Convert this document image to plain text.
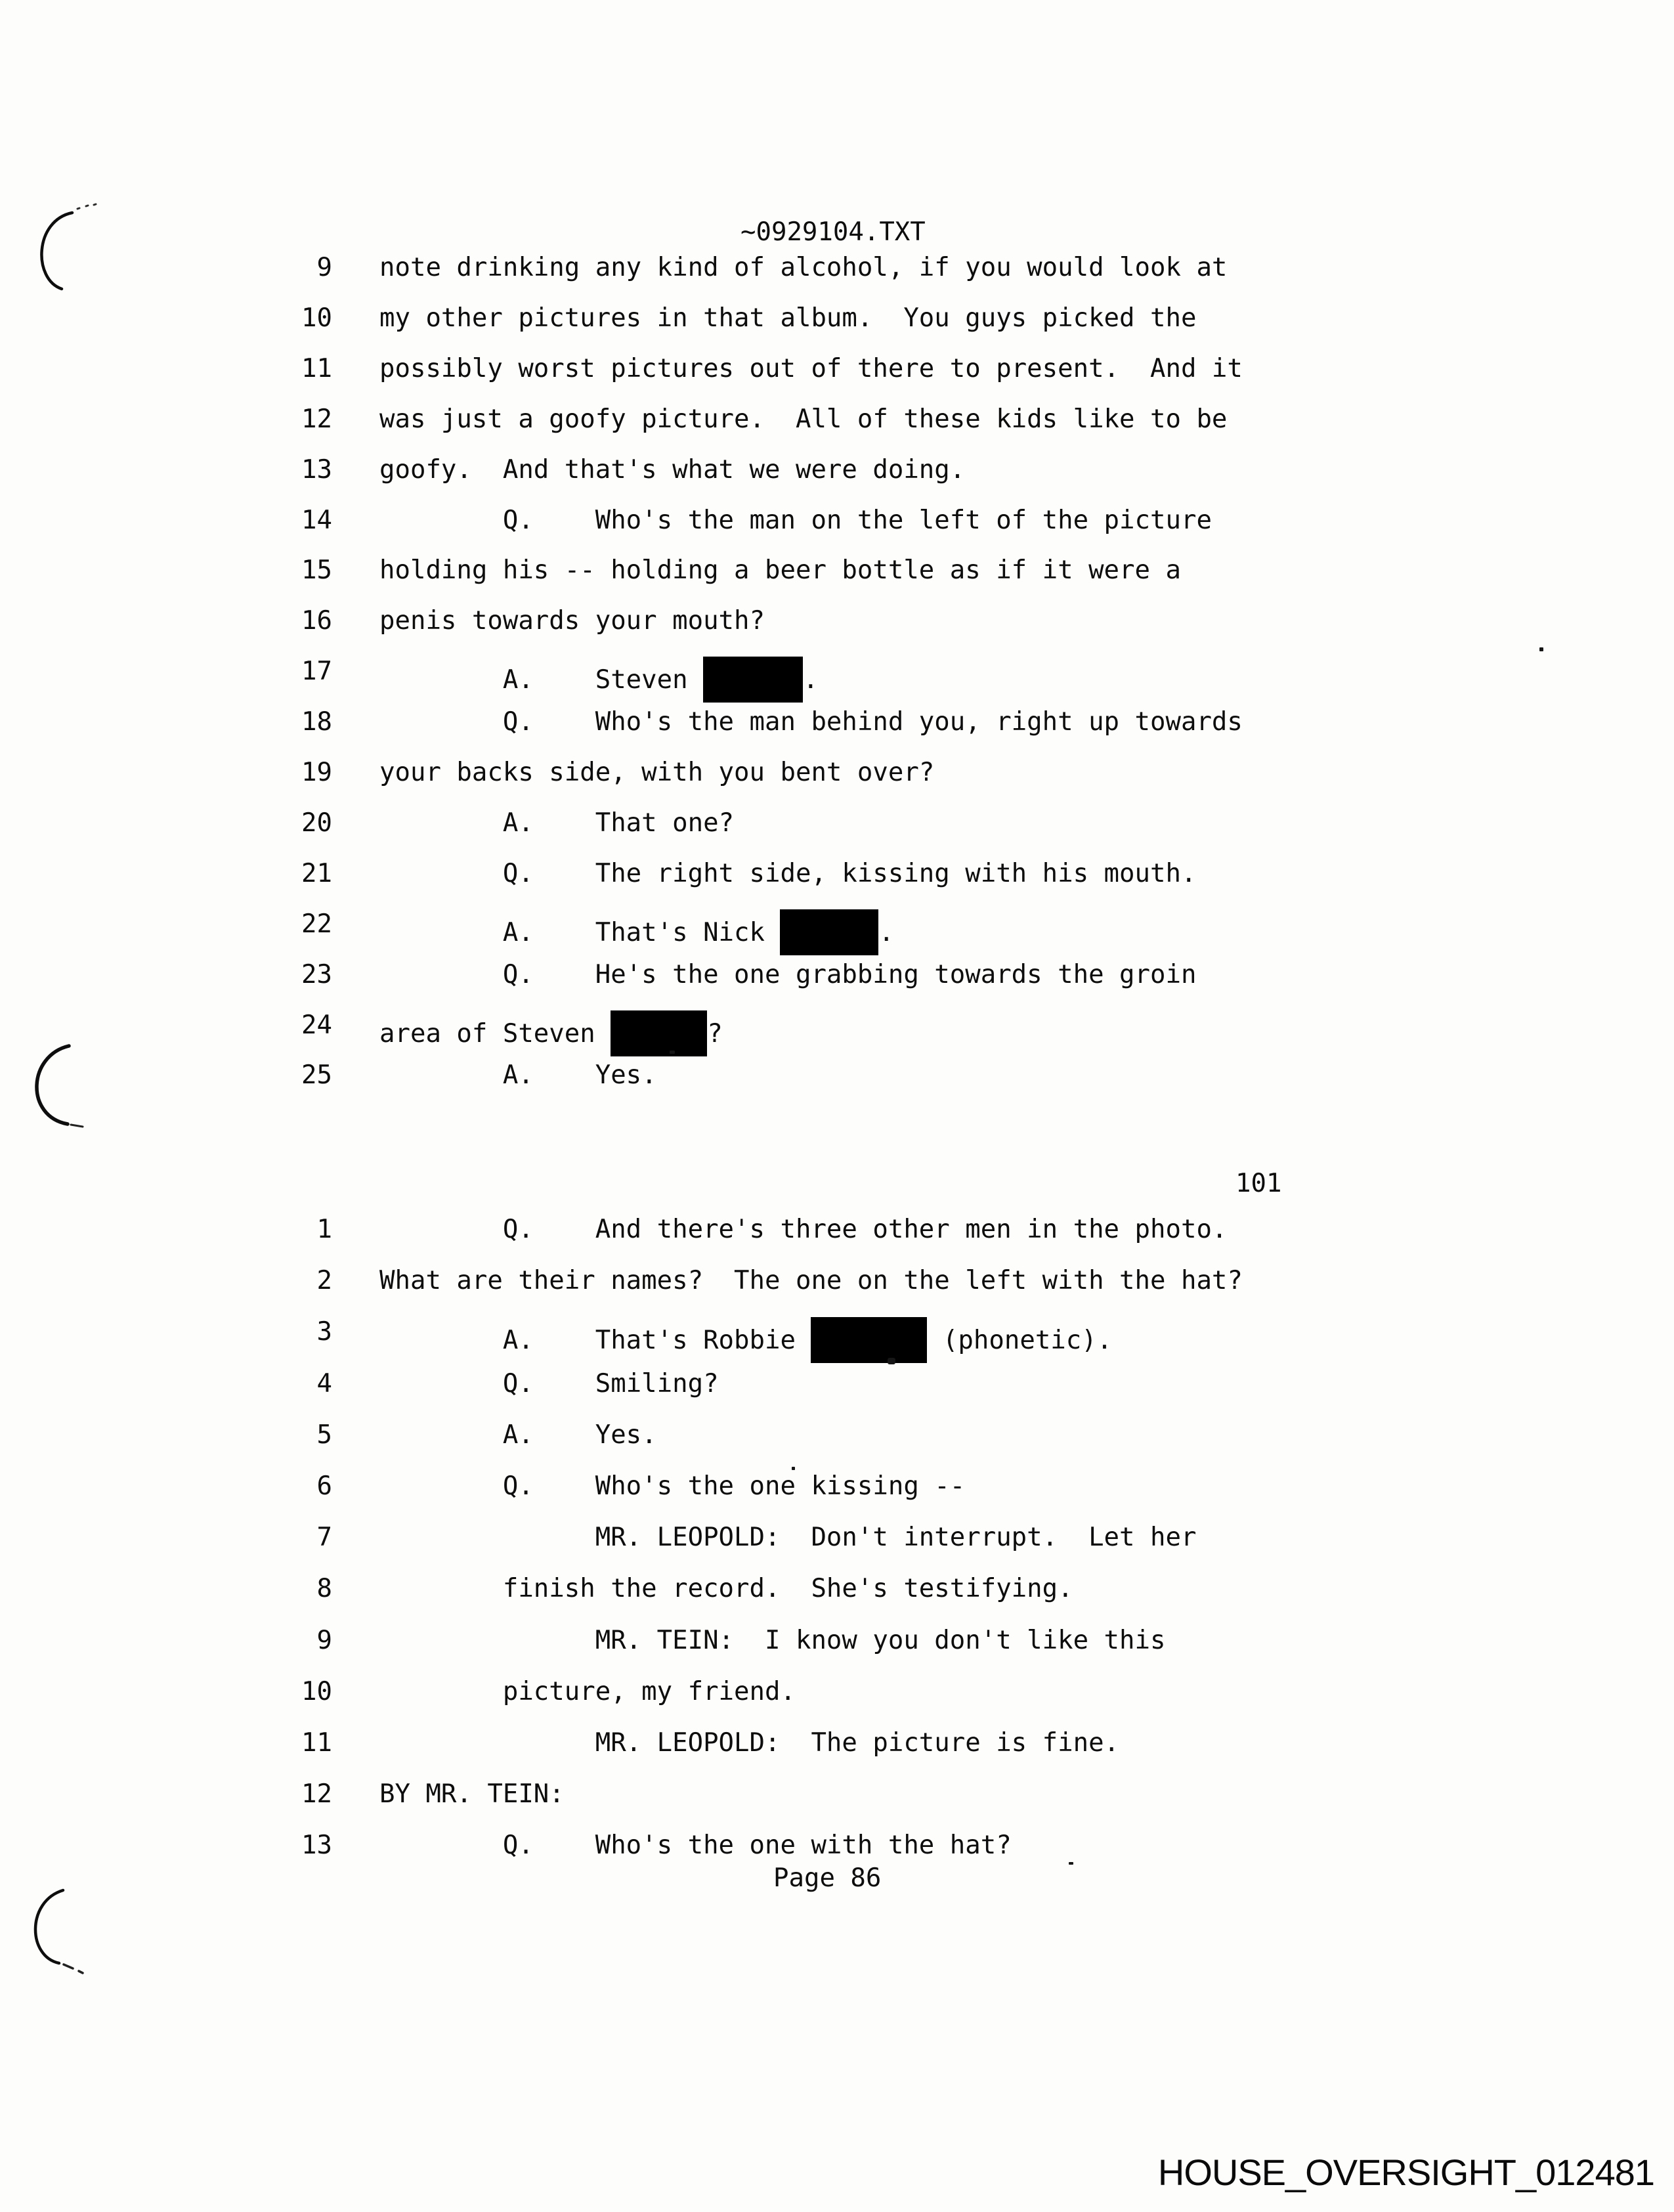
~0929104.TXT
101
9 note drinking any kind of alcohol, if you would look at
10 my other pictures in that album.  You guys picked the
11 possibly worst pictures out of there to present.  And it
12 was just a goofy picture.  All of these kids like to be
13 goofy.  And that's what we were doing.
14 Q.    Who's the man on the left of the picture
15 holding his -- holding a beer bottle as if it were a
16 penis towards your mouth?
17 A.    Steven	.
18 Q.    Who's the man behind you, right up towards
19 your backs side, with you bent over?
20 A.    That one?
21 Q.    The right side, kissing with his mouth.
22 A.    That's Nick	.
23 Q.    He's the one grabbing towards the groin
24 area of Steven	?
25 A.    Yes.
1 Q.    And there's three other men in the photo.
2 What are their names?  The one on the left with the hat?
3 A.    That's Robbie	(phonetic).
4 Q.    Smiling?
5 A.    Yes.
6 Q.    Who's the one kissing --
7 MR. LEOPOLD:  Don't interrupt.  Let her
8 finish the record.  She's testifying.
9 MR. TEIN:  I know you don't like this
10 picture, my friend.
11 MR. LEOPOLD:  The picture is fine.
12 BY MR. TEIN:
13 Q.    Who's the one with the hat?
Page 86
HOUSE_OVERSIGHT_012481
